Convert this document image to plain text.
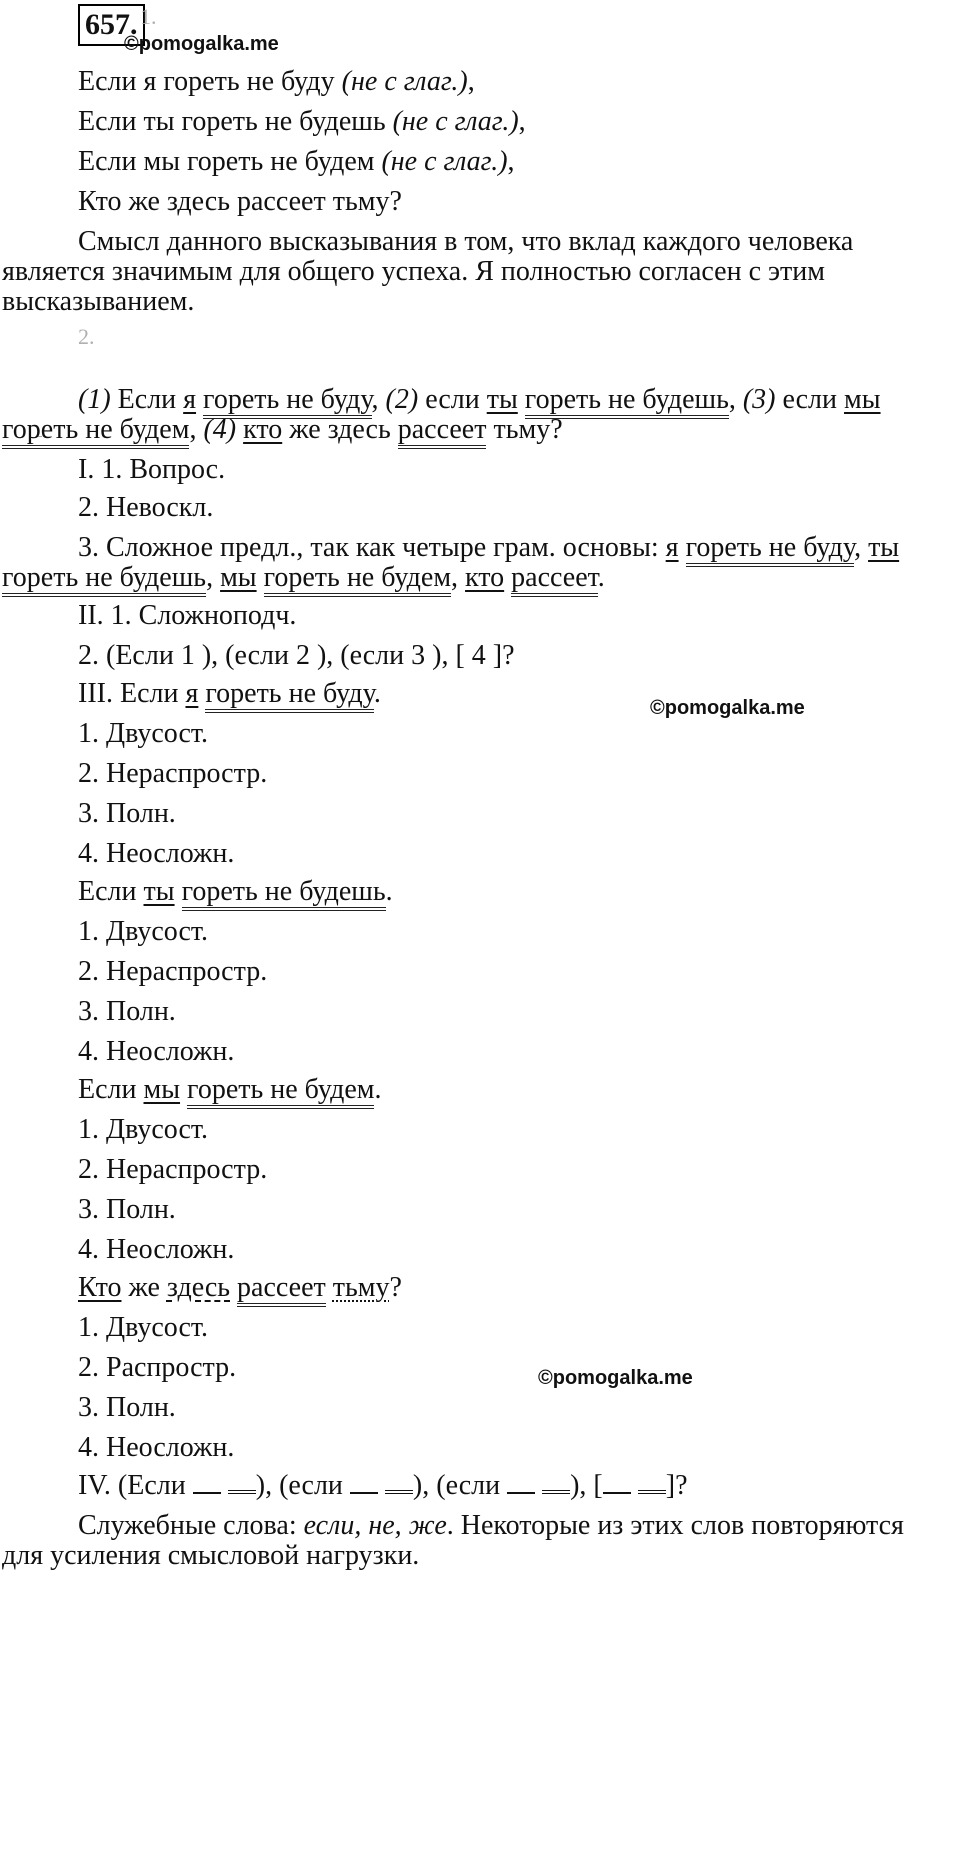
657. 1.
©pomogalka.me
Если я гореть не буду (не с глаг.),
Если ты гореть не будешь (не с глаг.),
Если мы гореть не будем (не с глаг.),
Кто же здесь рассеет тьму?
Смысл данного высказывания в том, что вклад каждого человека
является значимым для общего успеха. Я полностью согласен с этим
высказыванием.
2.
(1) Если я гореть не буду, (2) если ты гореть не будешь, (3) если мы
гореть не будем, (4) кто же здесь рассеет тьму?
I. 1. Вопрос.
2. Невоскл.
3. Сложное предл., так как четыре грам. основы: я гореть не буду, ты
гореть не будешь, мы гореть не будем, кто рассеет.
II. 1. Сложноподч.
2. (Если 1 ), (если 2 ), (если 3 ), [ 4 ]?
III. Если я гореть не буду.	©pomogalka.me
1. Двусост.
2. Нераспростр.
3. Полн.
4. Неосложн.
Если ты гореть не будешь.
1. Двусост.
2. Нераспростр.
3. Полн.
4. Неосложн.
Если мы гореть не будем.
1. Двусост.
2. Нераспростр.
3. Полн.
4. Неосложн.
Кто же здесь рассеет тьму?
1. Двусост.
2. Распростр.	©pomogalka.me
3. Полн.
4. Неосложн.
IV. (Если  ), (если  ), (если  ), [ ]?
Служебные слова: если, не, же. Некоторые из этих слов повторяются
для усиления смысловой нагрузки.
